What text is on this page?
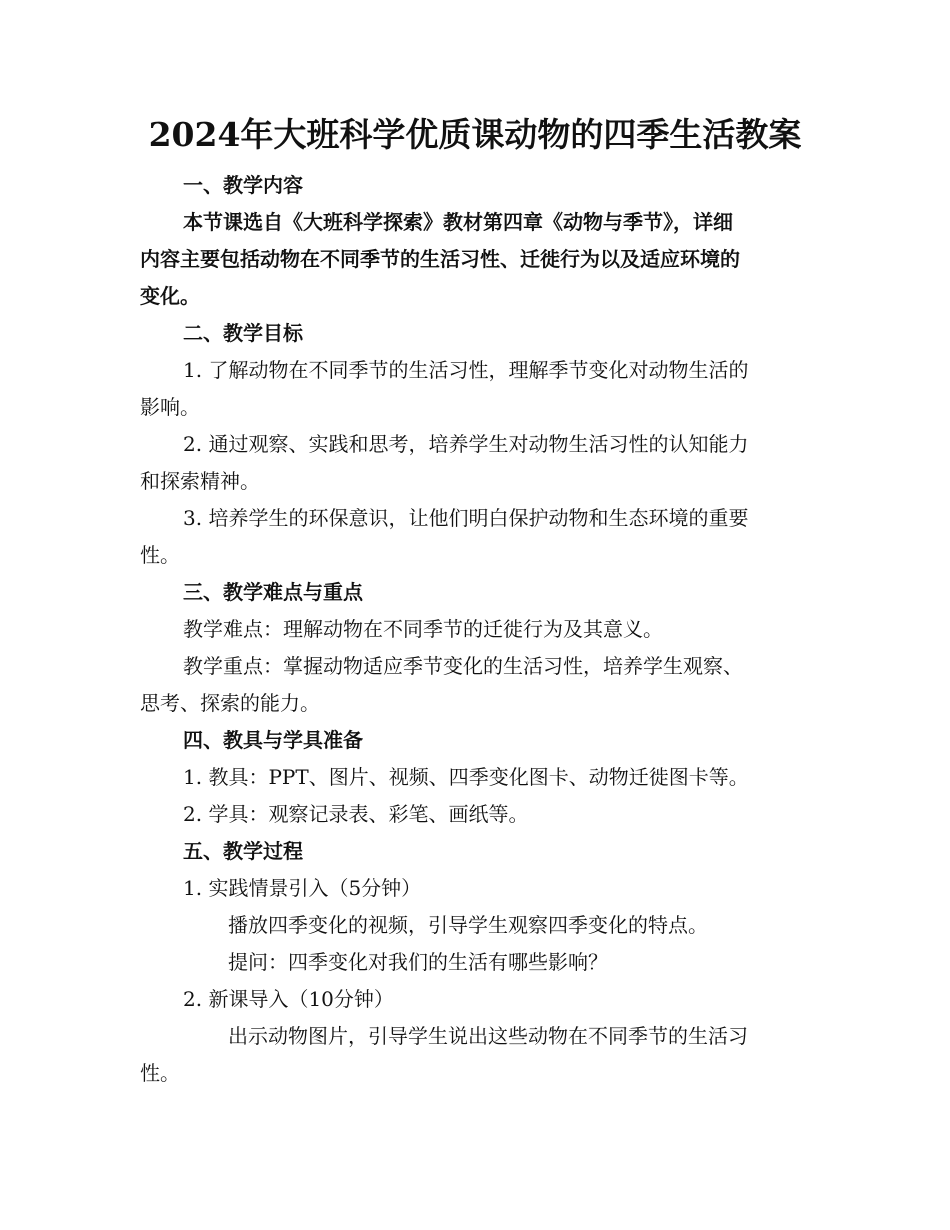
2024年大班科学优质课动物的四季生活教案
一、教学内容
本节课选自《大班科学探索》教材第四章《动物与季节》，详细
内容主要包括动物在不同季节的生活习性、迁徙行为以及适应环境的
变化。
二、教学目标
1. 了解动物在不同季节的生活习性，理解季节变化对动物生活的
影响。
2. 通过观察、实践和思考，培养学生对动物生活习性的认知能力
和探索精神。
3. 培养学生的环保意识，让他们明白保护动物和生态环境的重要
性。
三、教学难点与重点
教学难点：理解动物在不同季节的迁徙行为及其意义。
教学重点：掌握动物适应季节变化的生活习性，培养学生观察、
思考、探索的能力。
四、教具与学具准备
1. 教具：PPT、图片、视频、四季变化图卡、动物迁徙图卡等。
2. 学具：观察记录表、彩笔、画纸等。
五、教学过程
1. 实践情景引入（5分钟）
播放四季变化的视频，引导学生观察四季变化的特点。
提问：四季变化对我们的生活有哪些影响？
2. 新课导入（10分钟）
出示动物图片，引导学生说出这些动物在不同季节的生活习
性。
